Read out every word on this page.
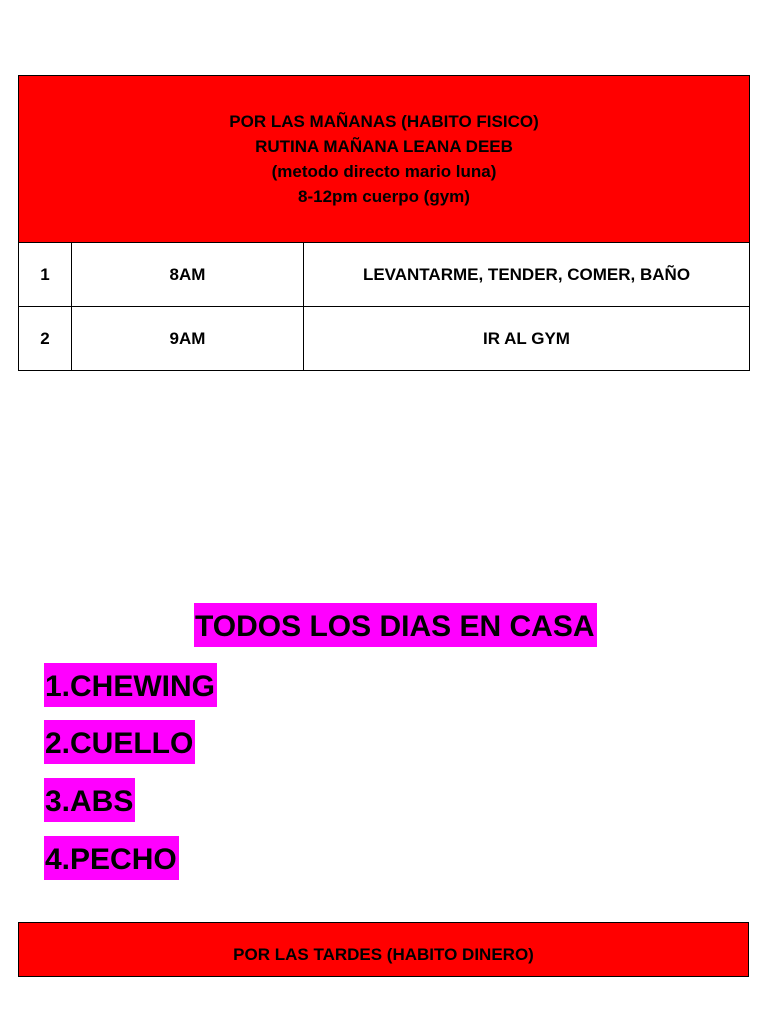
POR LAS MAÑANAS (HABITO FISICO)
RUTINA MAÑANA LEANA DEEB
(metodo directo mario luna)
8-12pm cuerpo (gym)		

1	8AM	LEVANTARME, TENDER, COMER, BAÑO
2	9AM	IR AL GYM
TODOS LOS DIAS EN CASA
1.CHEWING
2.CUELLO
3.ABS
4.PECHO
POR LAS TARDES (HABITO DINERO)
